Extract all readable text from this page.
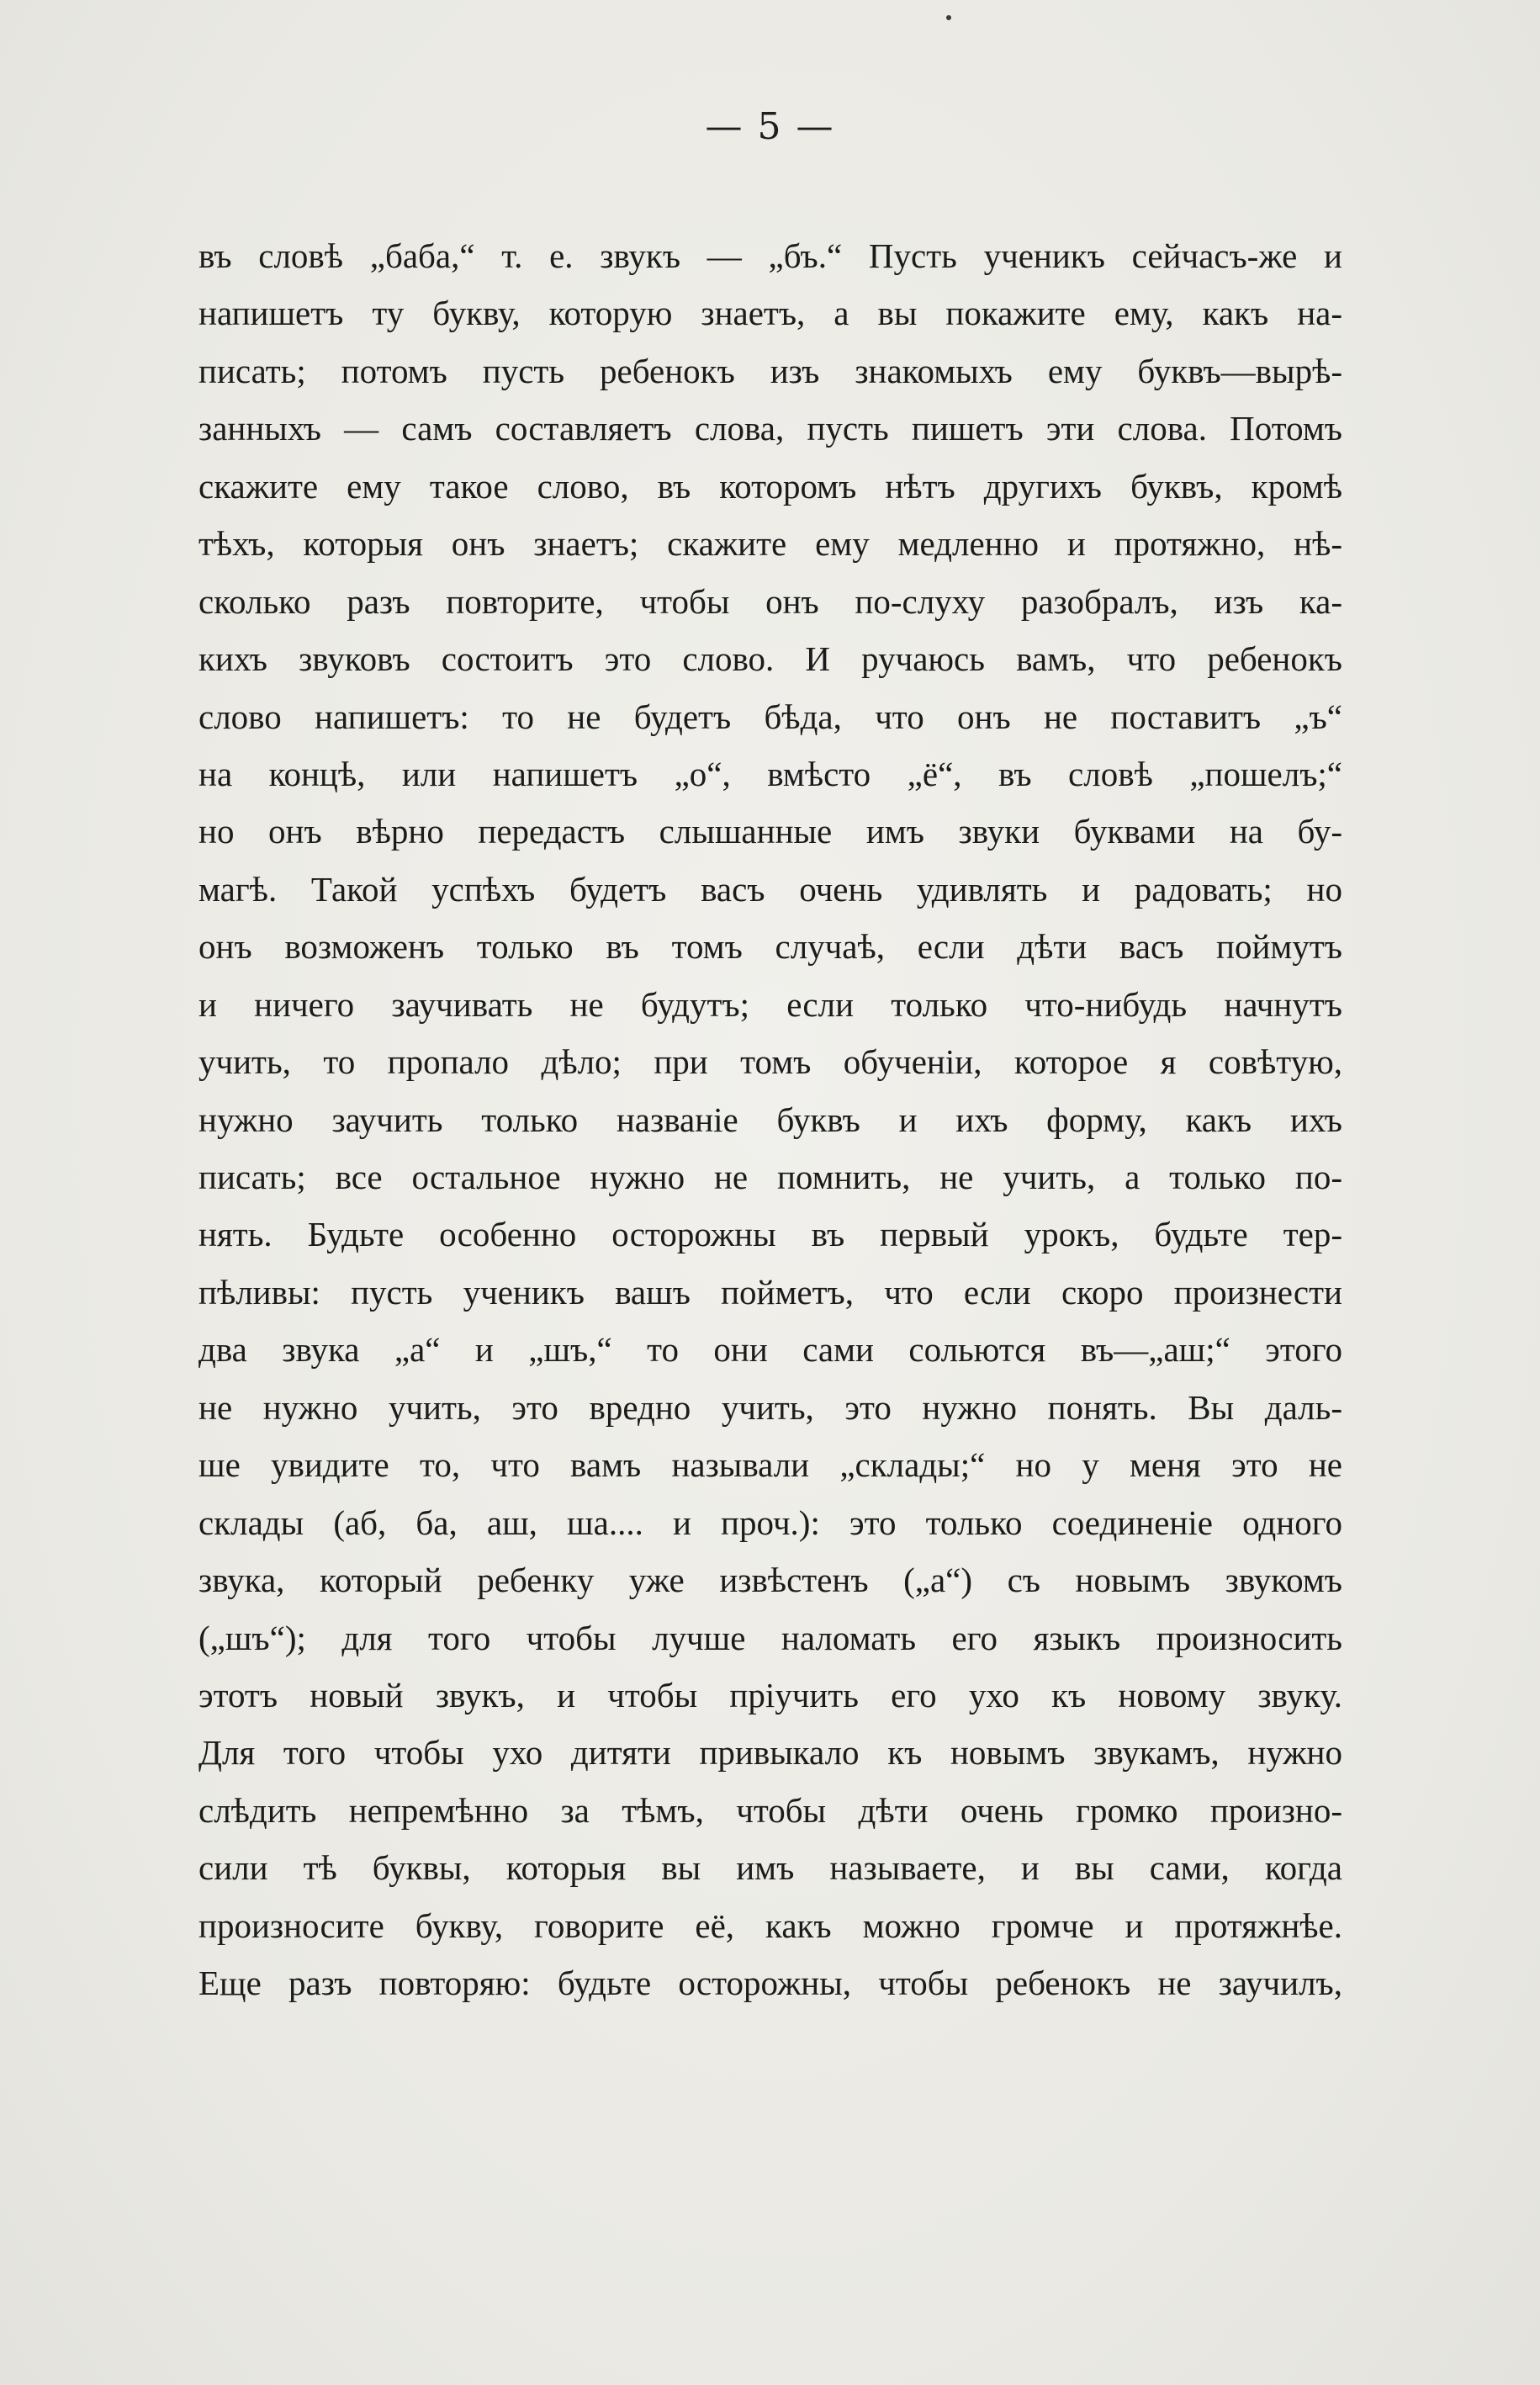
— 5 —
въ словѣ „баба,“ т. е. звукъ — „бъ.“ Пусть ученикъ сейчасъ-же и
напишетъ ту букву, которую знаетъ, а вы покажите ему, какъ на-
писать; потомъ пусть ребенокъ изъ знакомыхъ ему буквъ—вырѣ-
занныхъ — самъ составляетъ слова, пусть пишетъ эти слова. Потомъ
скажите ему такое слово, въ которомъ нѣтъ другихъ буквъ, кромѣ
тѣхъ, которыя онъ знаетъ; скажите ему медленно и протяжно, нѣ-
сколько разъ повторите, чтобы онъ по-слуху разобралъ, изъ ка-
кихъ звуковъ состоитъ это слово. И ручаюсь вамъ, что ребенокъ
слово напишетъ: то не будетъ бѣда, что онъ не поставитъ „ъ“
на концѣ, или напишетъ „о“, вмѣсто „ё“, въ словѣ „пошелъ;“
но онъ вѣрно передастъ слышанные имъ звуки буквами на бу-
магѣ. Такой успѣхъ будетъ васъ очень удивлять и радовать; но
онъ возможенъ только въ томъ случаѣ, если дѣти васъ поймутъ
и ничего заучивать не будутъ; если только что-нибудь начнутъ
учить, то пропало дѣло; при томъ обученіи, которое я совѣтую,
нужно заучить только названіе буквъ и ихъ форму, какъ ихъ
писать; все остальное нужно не помнить, не учить, а только по-
нять. Будьте особенно осторожны въ первый урокъ, будьте тер-
пѣливы: пусть ученикъ вашъ пойметъ, что если скоро произнести
два звука „а“ и „шъ,“ то они сами сольются въ—„аш;“ этого
не нужно учить, это вредно учить, это нужно понять. Вы даль-
ше увидите то, что вамъ называли „склады;“ но у меня это не
склады (аб, ба, аш, ша.... и проч.): это только соединеніе одного
звука, который ребенку уже извѣстенъ („а“) съ новымъ звукомъ
(„шъ“); для того чтобы лучше наломать его языкъ произносить
этотъ новый звукъ, и чтобы пріучить его ухо къ новому звуку.
Для того чтобы ухо дитяти привыкало къ новымъ звукамъ, нужно
слѣдить непремѣнно за тѣмъ, чтобы дѣти очень громко произно-
сили тѣ буквы, которыя вы имъ называете, и вы сами, когда
произносите букву, говорите её, какъ можно громче и протяжнѣе.
Еще разъ повторяю: будьте осторожны, чтобы ребенокъ не заучилъ,
